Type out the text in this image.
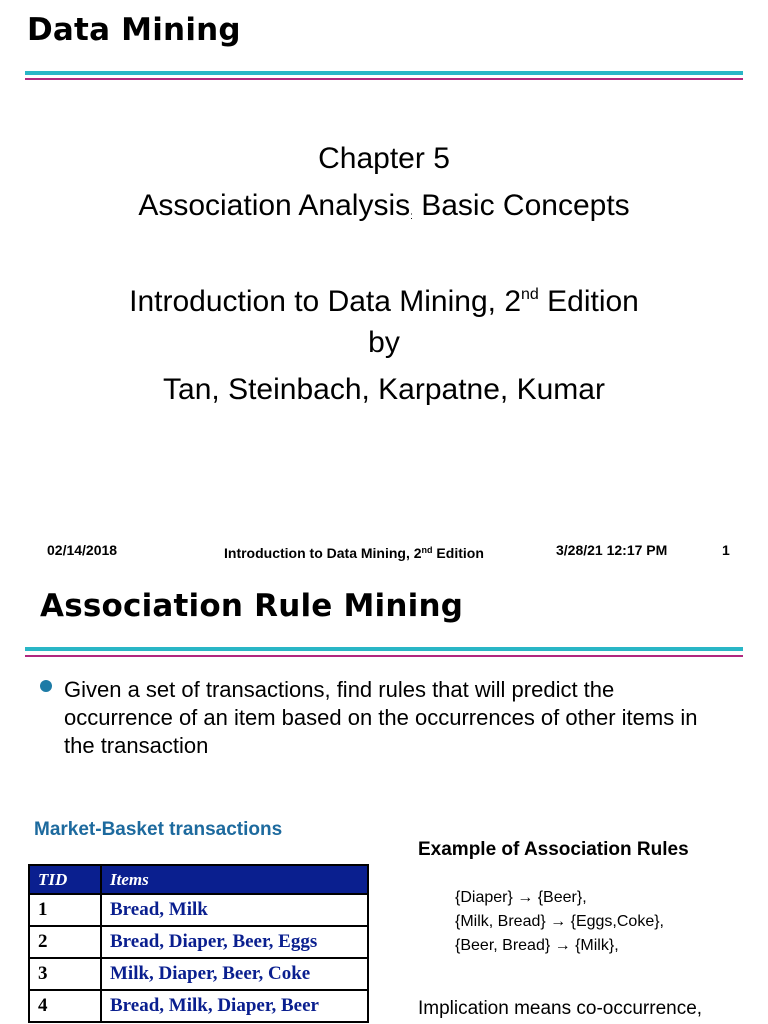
Data Mining
Chapter 5
Association Analysis: Basic Concepts
Introduction to Data Mining, 2nd Edition
by
Tan, Steinbach, Karpatne, Kumar
02/14/2018	Introduction to Data Mining, 2nd Edition	3/28/21 12:17 PM	1
Association Rule Mining
Given a set of transactions, find rules that will predict the occurrence of an item based on the occurrences of other items in the transaction
Market-Basket transactions
TID	Items
1	Bread, Milk
2	Bread, Diaper, Beer, Eggs
3	Milk, Diaper, Beer, Coke
4	Bread, Milk, Diaper, Beer
Example of Association Rules
{Diaper} → {Beer},
{Milk, Bread} → {Eggs,Coke},
{Beer, Bread} → {Milk},
Implication means co-occurrence,
